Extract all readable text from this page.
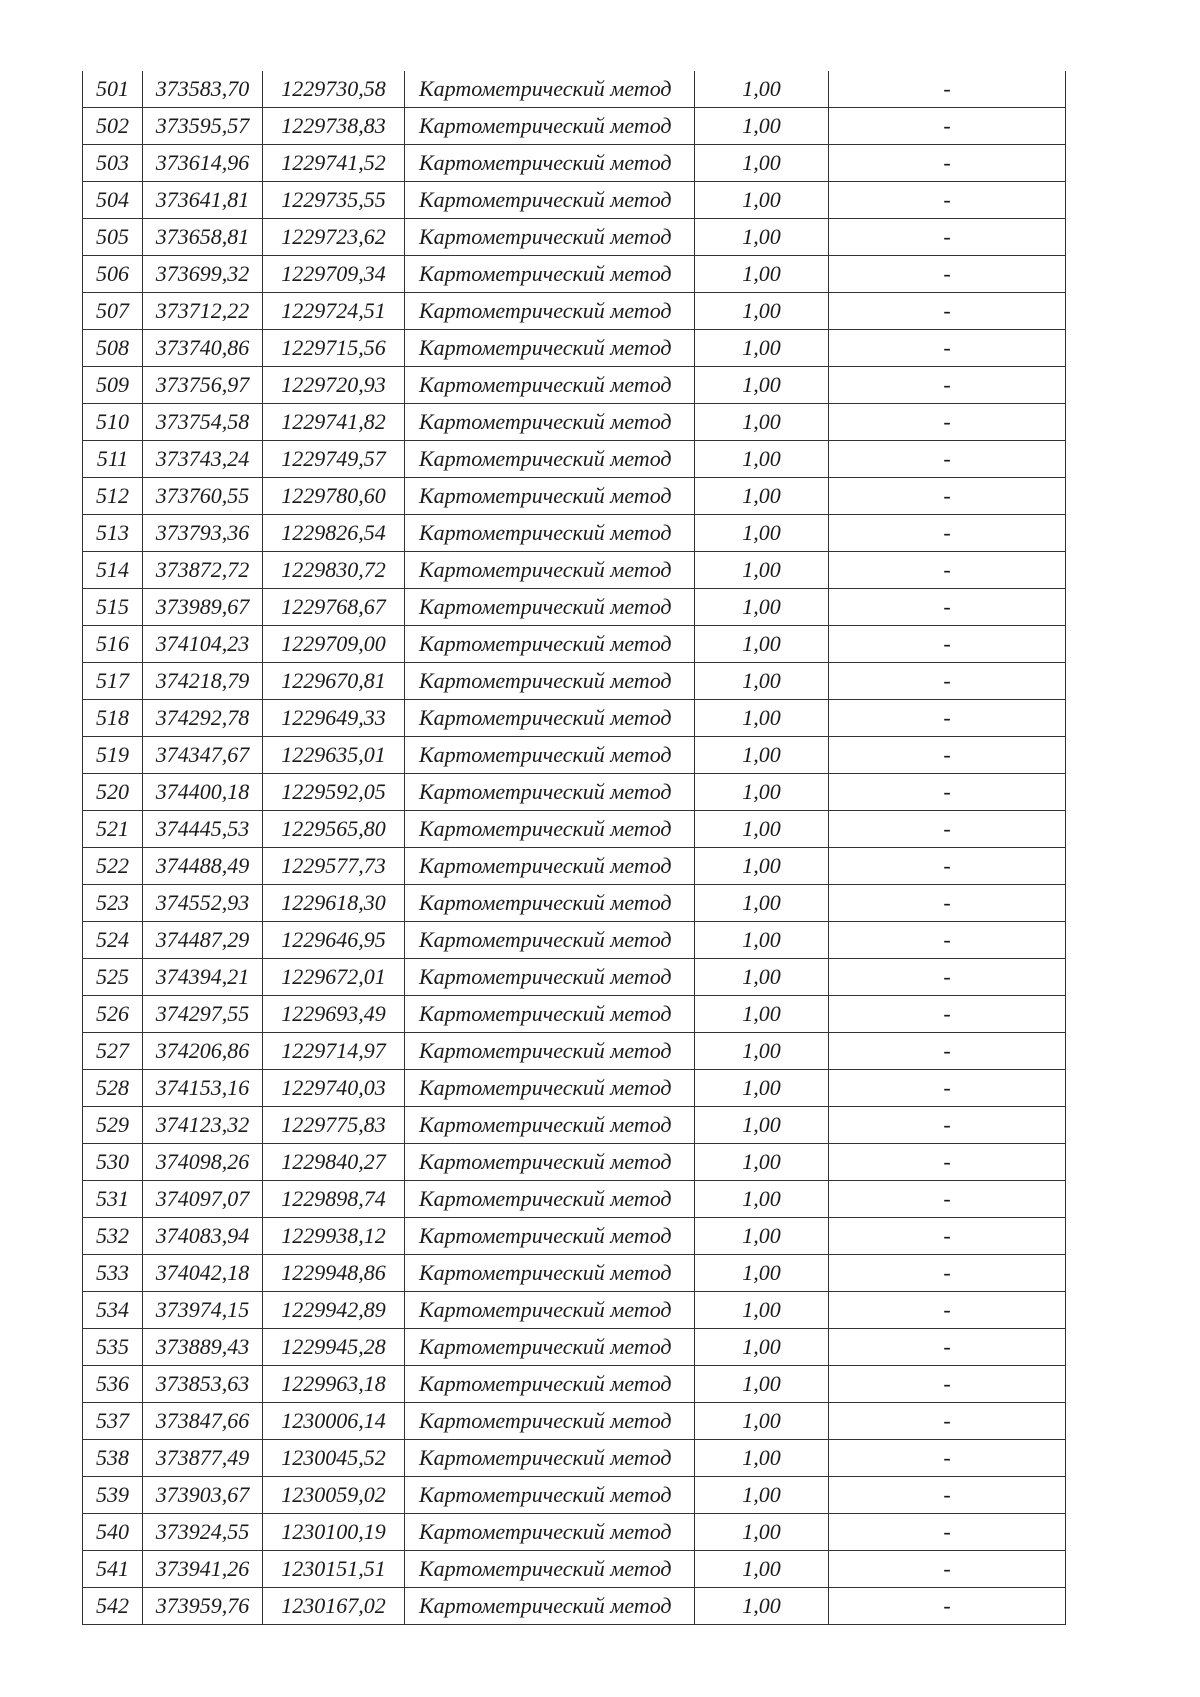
501	373583,70	1229730,58	Картометрический метод	1,00	-
502	373595,57	1229738,83	Картометрический метод	1,00	-
503	373614,96	1229741,52	Картометрический метод	1,00	-
504	373641,81	1229735,55	Картометрический метод	1,00	-
505	373658,81	1229723,62	Картометрический метод	1,00	-
506	373699,32	1229709,34	Картометрический метод	1,00	-
507	373712,22	1229724,51	Картометрический метод	1,00	-
508	373740,86	1229715,56	Картометрический метод	1,00	-
509	373756,97	1229720,93	Картометрический метод	1,00	-
510	373754,58	1229741,82	Картометрический метод	1,00	-
511	373743,24	1229749,57	Картометрический метод	1,00	-
512	373760,55	1229780,60	Картометрический метод	1,00	-
513	373793,36	1229826,54	Картометрический метод	1,00	-
514	373872,72	1229830,72	Картометрический метод	1,00	-
515	373989,67	1229768,67	Картометрический метод	1,00	-
516	374104,23	1229709,00	Картометрический метод	1,00	-
517	374218,79	1229670,81	Картометрический метод	1,00	-
518	374292,78	1229649,33	Картометрический метод	1,00	-
519	374347,67	1229635,01	Картометрический метод	1,00	-
520	374400,18	1229592,05	Картометрический метод	1,00	-
521	374445,53	1229565,80	Картометрический метод	1,00	-
522	374488,49	1229577,73	Картометрический метод	1,00	-
523	374552,93	1229618,30	Картометрический метод	1,00	-
524	374487,29	1229646,95	Картометрический метод	1,00	-
525	374394,21	1229672,01	Картометрический метод	1,00	-
526	374297,55	1229693,49	Картометрический метод	1,00	-
527	374206,86	1229714,97	Картометрический метод	1,00	-
528	374153,16	1229740,03	Картометрический метод	1,00	-
529	374123,32	1229775,83	Картометрический метод	1,00	-
530	374098,26	1229840,27	Картометрический метод	1,00	-
531	374097,07	1229898,74	Картометрический метод	1,00	-
532	374083,94	1229938,12	Картометрический метод	1,00	-
533	374042,18	1229948,86	Картометрический метод	1,00	-
534	373974,15	1229942,89	Картометрический метод	1,00	-
535	373889,43	1229945,28	Картометрический метод	1,00	-
536	373853,63	1229963,18	Картометрический метод	1,00	-
537	373847,66	1230006,14	Картометрический метод	1,00	-
538	373877,49	1230045,52	Картометрический метод	1,00	-
539	373903,67	1230059,02	Картометрический метод	1,00	-
540	373924,55	1230100,19	Картометрический метод	1,00	-
541	373941,26	1230151,51	Картометрический метод	1,00	-
542	373959,76	1230167,02	Картометрический метод	1,00	-
